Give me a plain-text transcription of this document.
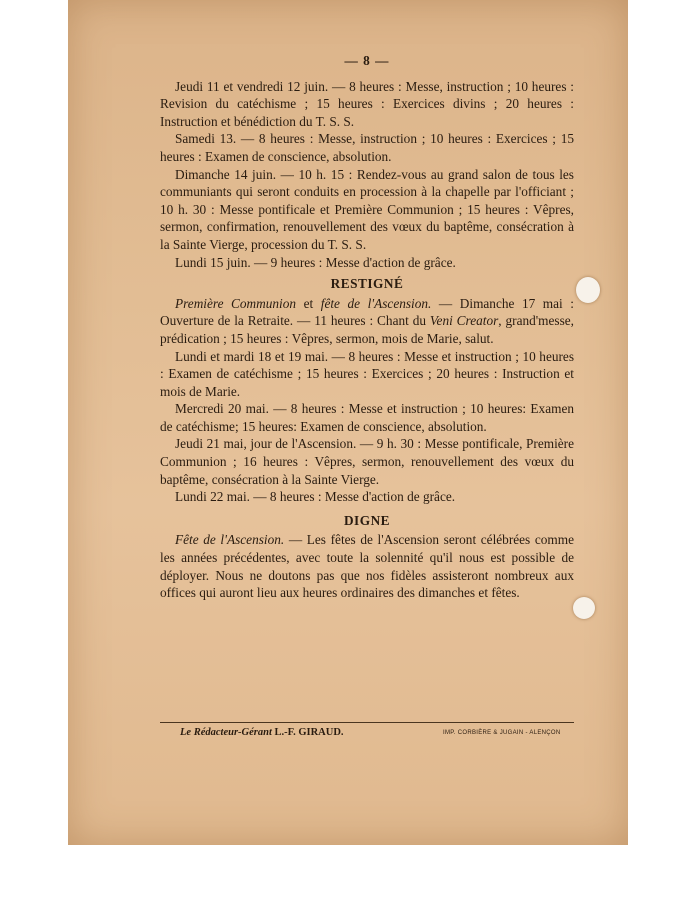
— 8 —

Jeudi 11 et vendredi 12 juin. — 8 heures : Messe, instruction ; 10 heures : Revision du catéchisme ; 15 heures : Exercices divins ; 20 heures : Instruction et bénédiction du T. S. S.

Samedi 13. — 8 heures : Messe, instruction ; 10 heures : Exercices ; 15 heures : Examen de conscience, absolution.

Dimanche 14 juin. — 10 h. 15 : Rendez-vous au grand salon de tous les communiants qui seront conduits en procession à la chapelle par l'officiant ; 10 h. 30 : Messe pontificale et Première Communion ; 15 heures : Vêpres, sermon, confirmation, renouvellement des vœux du baptême, consécration à la Sainte Vierge, procession du T. S. S.

Lundi 15 juin. — 9 heures : Messe d'action de grâce.

RESTIGNÉ

Première Communion et fête de l'Ascension. — Dimanche 17 mai : Ouverture de la Retraite. — 11 heures : Chant du Veni Creator, grand'messe, prédication ; 15 heures : Vêpres, sermon, mois de Marie, salut.

Lundi et mardi 18 et 19 mai. — 8 heures : Messe et instruction ; 10 heures : Examen de catéchisme ; 15 heures : Exercices ; 20 heures : Instruction et mois de Marie.

Mercredi 20 mai. — 8 heures : Messe et instruction ; 10 heures: Examen de catéchisme; 15 heures: Examen de conscience, absolution.

Jeudi 21 mai, jour de l'Ascension. — 9 h. 30 : Messe pontificale, Première Communion ; 16 heures : Vêpres, sermon, renouvellement des vœux du baptême, consécration à la Sainte Vierge.

Lundi 22 mai. — 8 heures : Messe d'action de grâce.

DIGNE

Fête de l'Ascension. — Les fêtes de l'Ascension seront célébrées comme les années précédentes, avec toute la solennité qu'il nous est possible de déployer. Nous ne doutons pas que nos fidèles assisteront nombreux aux offices qui auront lieu aux heures ordinaires des dimanches et fêtes.

Le Rédacteur-Gérant L.-F. GIRAUD.	IMP. CORBIÈRE & JUGAIN - ALENÇON
